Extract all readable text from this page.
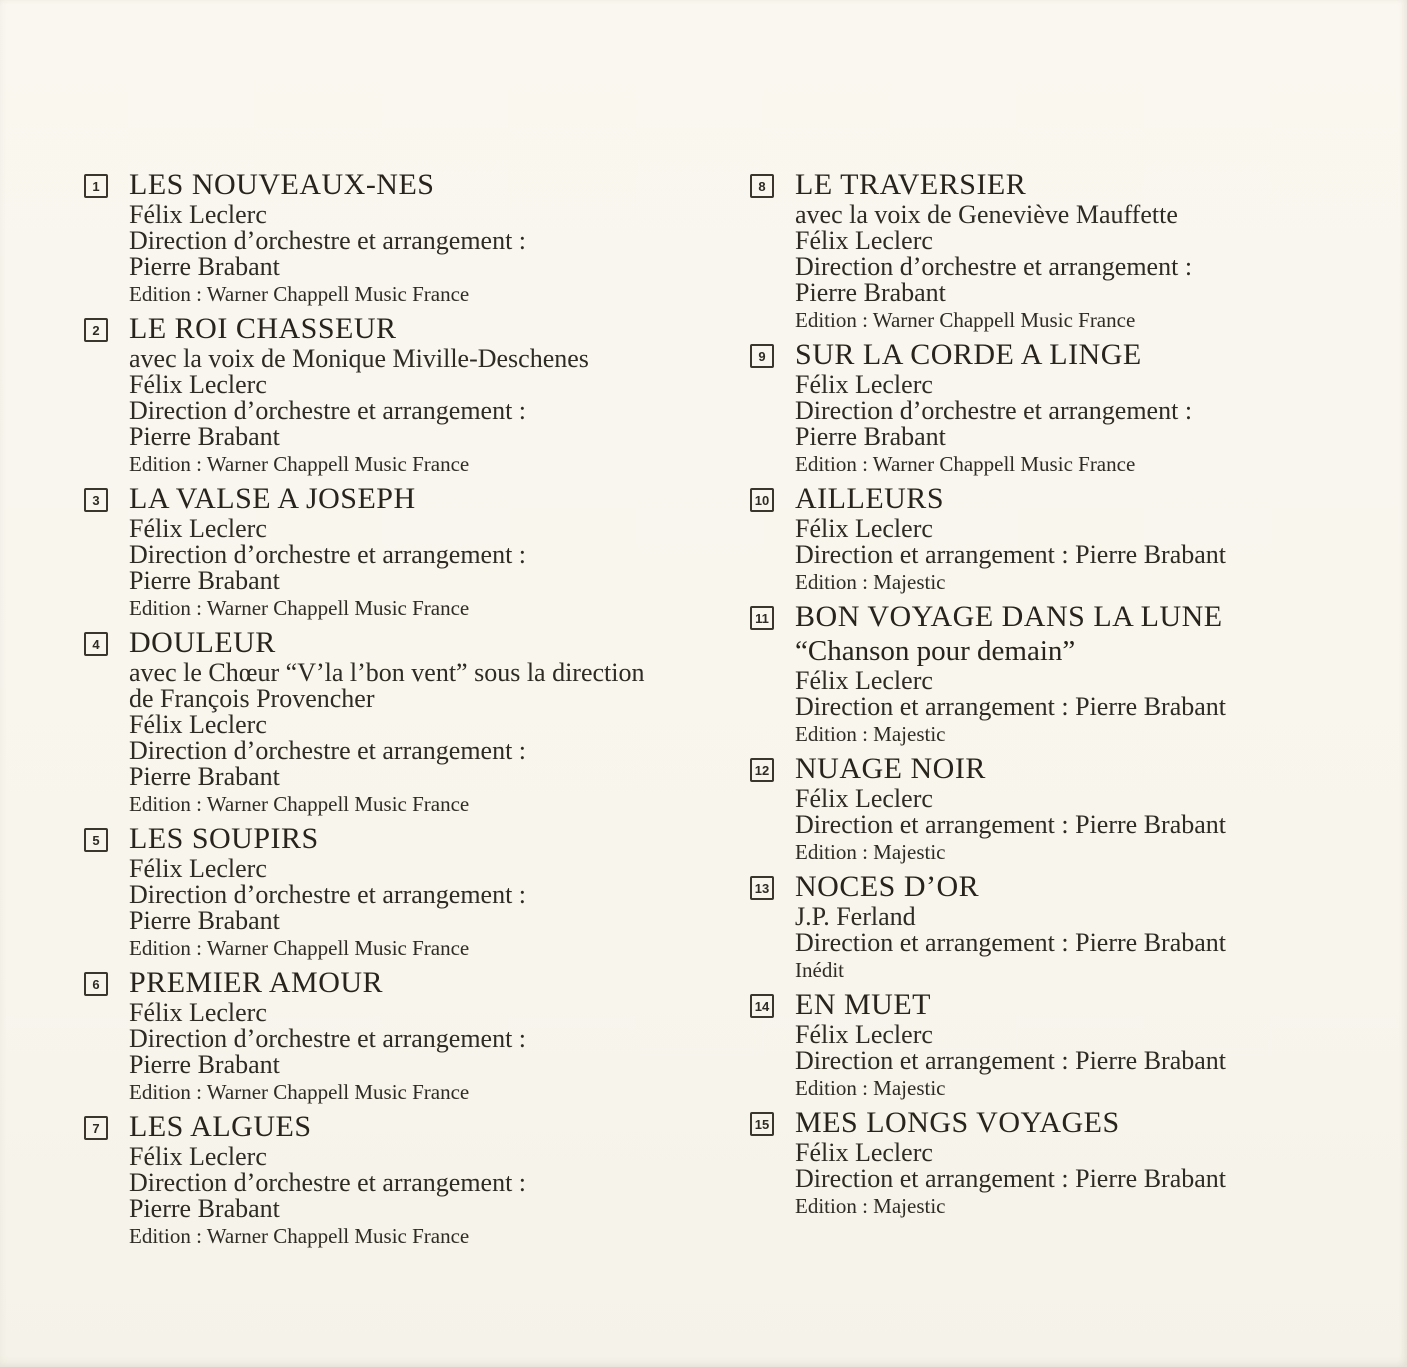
1 LES NOUVEAUX-NES
Félix Leclerc
Direction d’orchestre et arrangement :
Pierre Brabant
Edition : Warner Chappell Music France
2 LE ROI CHASSEUR
avec la voix de Monique Miville-Deschenes
Félix Leclerc
Direction d’orchestre et arrangement :
Pierre Brabant
Edition : Warner Chappell Music France
3 LA VALSE A JOSEPH
Félix Leclerc
Direction d’orchestre et arrangement :
Pierre Brabant
Edition : Warner Chappell Music France
4 DOULEUR
avec le Chœur “V’la l’bon vent” sous la direction
de François Provencher
Félix Leclerc
Direction d’orchestre et arrangement :
Pierre Brabant
Edition : Warner Chappell Music France
5 LES SOUPIRS
Félix Leclerc
Direction d’orchestre et arrangement :
Pierre Brabant
Edition : Warner Chappell Music France
6 PREMIER AMOUR
Félix Leclerc
Direction d’orchestre et arrangement :
Pierre Brabant
Edition : Warner Chappell Music France
7 LES ALGUES
Félix Leclerc
Direction d’orchestre et arrangement :
Pierre Brabant
Edition : Warner Chappell Music France
8 LE TRAVERSIER
avec la voix de Geneviève Mauffette
Félix Leclerc
Direction d’orchestre et arrangement :
Pierre Brabant
Edition : Warner Chappell Music France
9 SUR LA CORDE A LINGE
Félix Leclerc
Direction d’orchestre et arrangement :
Pierre Brabant
Edition : Warner Chappell Music France
10 AILLEURS
Félix Leclerc
Direction et arrangement : Pierre Brabant
Edition : Majestic
11 BON VOYAGE DANS LA LUNE
“Chanson pour demain”
Félix Leclerc
Direction et arrangement : Pierre Brabant
Edition : Majestic
12 NUAGE NOIR
Félix Leclerc
Direction et arrangement : Pierre Brabant
Edition : Majestic
13 NOCES D’OR
J.P. Ferland
Direction et arrangement : Pierre Brabant
Inédit
14 EN MUET
Félix Leclerc
Direction et arrangement : Pierre Brabant
Edition : Majestic
15 MES LONGS VOYAGES
Félix Leclerc
Direction et arrangement : Pierre Brabant
Edition : Majestic
